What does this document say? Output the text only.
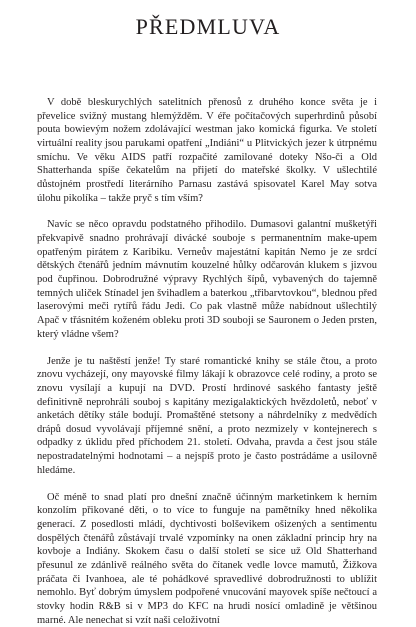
PŘEDMLUVA

V době bleskurychlých satelitních přenosů z druhého konce světa je i převelice svižný mustang hlemýžděm. V éře počítačových superhrdinů působí pouta bowievým nožem zdolávající westman jako komická figurka. Ve století virtuální reality jsou parukami opatření „Indiáni“ u Plitvických jezer k útrpnému smíchu. Ve věku AIDS patří rozpačité zamilované doteky Nšo-či a Old Shatterhanda spíše čekatelům na přijetí do mateřské školky. V ušlechtilé důstojném prostředí literárního Parnasu zastává spisovatel Karel May sotva úlohu pikolíka – takže pryč s tím vším?

Navíc se něco opravdu podstatného přihodilo. Dumasovi galantní mušketýři překvapivě snadno prohrávají divácké souboje s permanentním make-upem opatřeným pirátem z Karibiku. Verneův majestátní kapitán Nemo je ze srdcí dětských čtenářů jedním mávnutím kouzelné hůlky odčarován klukem s jizvou pod čupřinou. Dobrodružné výpravy Rychlých šípů, vybavených do tajemně temných uliček Stínadel jen švihadlem a baterkou „třibarvtovkou“, blednou před laserovými meči rytířů řádu Jedi. Co pak vlastně může nabídnout ušlechtilý Apač v třásnitém koženém obleku proti 3D souboji se Sauronem o Jeden prsten, který vládne všem?

Jenže je tu naštěstí jenže! Ty staré romantické knihy se stále čtou, a proto znovu vycházejí, ony mayovské filmy lákají k obrazovce celé rodiny, a proto se znovu vysílají a kupují na DVD. Prostí hrdinové saského fantasty ještě definitivně neprohráli souboj s kapitány mezigalaktických hvězdoletů, neboť v anketách dětíky stále bodují. Promaštěné stetsony a náhrdelníky z medvědích drápů dosud vyvolávají příjemné snění, a proto nezmizely v kontejnerech s odpadky z úklidu před příchodem 21. století. Odvaha, pravda a čest jsou stále nepostradatelnými hodnotami – a nejspíš proto je často postrádáme a usilovně hledáme.

Oč méně to snad platí pro dnešní značně účinným marketinkem k herním konzolím přikované děti, o to více to funguje na pamětníky hned několika generací. Z posedlosti mládí, dychtivosti bolševikem ošizených a sentimentu dospělých čtenářů zůstávají trvalé vzpomínky na onen základní princip hry na kovboje a Indiány. Skokem času o další století se sice už Old Shatterhand přesunul ze zdánlivě reálného světa do čítanek vedle lovce mamutů, Žižkova práčata či Ivanhoea, ale té pohádkové spravedlivé dobrodružnosti to ublížit nemohlo. Byť dobrým úmyslem podpořené vnucování mayovek spíše nečtoucí a stovky hodin R&B si v MP3 do KFC na hrudi nosící omladině je většinou marné. Ale nenechat si vzít naši celoživotní
